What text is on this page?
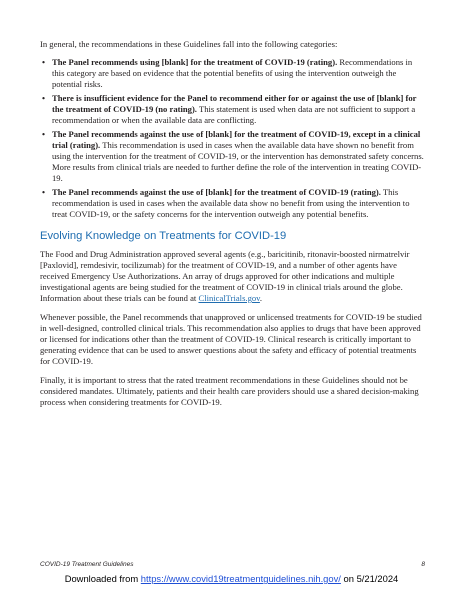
In general, the recommendations in these Guidelines fall into the following categories:

• The Panel recommends using [blank] for the treatment of COVID-19 (rating). Recommendations in this category are based on evidence that the potential benefits of using the intervention outweigh the potential risks.
• There is insufficient evidence for the Panel to recommend either for or against the use of [blank] for the treatment of COVID-19 (no rating). This statement is used when data are not sufficient to support a recommendation or when the available data are conflicting.
• The Panel recommends against the use of [blank] for the treatment of COVID-19, except in a clinical trial (rating). This recommendation is used in cases when the available data have shown no benefit from using the intervention for the treatment of COVID-19, or the intervention has demonstrated safety concerns. More results from clinical trials are needed to further define the role of the intervention in treating COVID-19.
• The Panel recommends against the use of [blank] for the treatment of COVID-19 (rating). This recommendation is used in cases when the available data show no benefit from using the intervention to treat COVID-19, or the safety concerns for the intervention outweigh any potential benefits.
Evolving Knowledge on Treatments for COVID-19

The Food and Drug Administration approved several agents (e.g., baricitinib, ritonavir-boosted nirmatrelvir [Paxlovid], remdesivir, tocilizumab) for the treatment of COVID-19, and a number of other agents have received Emergency Use Authorizations. An array of drugs approved for other indications and multiple investigational agents are being studied for the treatment of COVID-19 in clinical trials around the globe. Information about these trials can be found at ClinicalTrials.gov.

Whenever possible, the Panel recommends that unapproved or unlicensed treatments for COVID-19 be studied in well-designed, controlled clinical trials. This recommendation also applies to drugs that have been approved or licensed for indications other than the treatment of COVID-19. Clinical research is critically important to generating evidence that can be used to answer questions about the safety and efficacy of potential treatments for COVID-19.

Finally, it is important to stress that the rated treatment recommendations in these Guidelines should not be considered mandates. Ultimately, patients and their health care providers should use a shared decision-making process when considering treatments for COVID-19.

COVID-19 Treatment Guidelines	8
Downloaded from https://www.covid19treatmentguidelines.nih.gov/ on 5/21/2024
